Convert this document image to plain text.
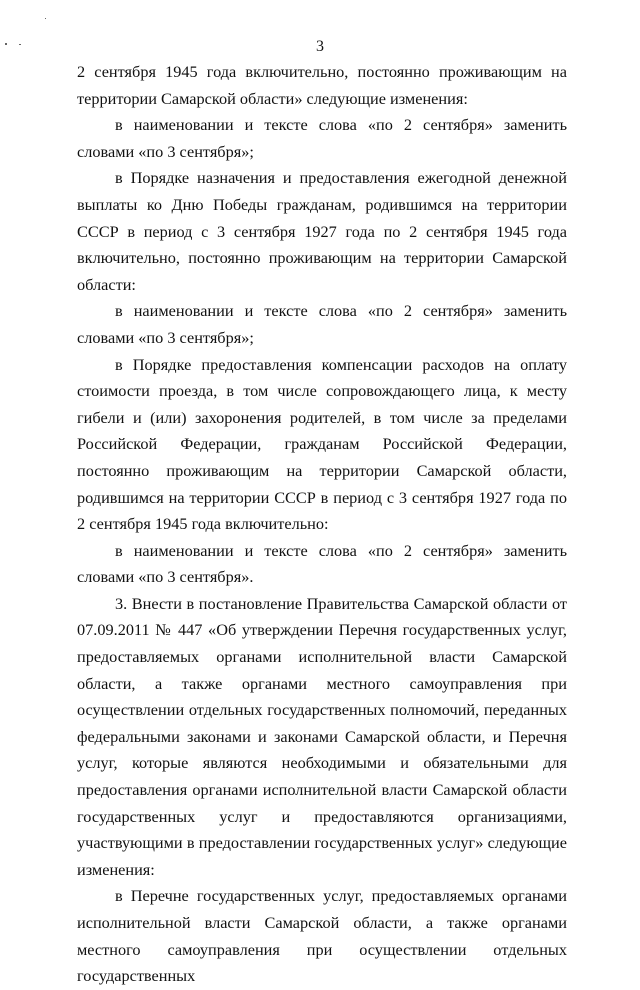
3

2 сентября 1945 года включительно, постоянно проживающим на территории Самарской области» следующие изменения:

в наименовании и тексте слова «по 2 сентября» заменить словами «по 3 сентября»;

в Порядке назначения и предоставления ежегодной денежной выплаты ко Дню Победы гражданам, родившимся на территории СССР в период с 3 сентября 1927 года по 2 сентября 1945 года включительно, постоянно проживающим на территории Самарской области:

в наименовании и тексте слова «по 2 сентября» заменить словами «по 3 сентября»;

в Порядке предоставления компенсации расходов на оплату стоимости проезда, в том числе сопровождающего лица, к месту гибели и (или) захоронения родителей, в том числе за пределами Российской Федерации, гражданам Российской Федерации, постоянно проживающим на территории Самарской области, родившимся на территории СССР в период с 3 сентября 1927 года по 2 сентября 1945 года включительно:

в наименовании и тексте слова «по 2 сентября» заменить словами «по 3 сентября».

3. Внести в постановление Правительства Самарской области от 07.09.2011 № 447 «Об утверждении Перечня государственных услуг, предоставляемых органами исполнительной власти Самарской области, а также органами местного самоуправления при осуществлении отдельных государственных полномочий, переданных федеральными законами и законами Самарской области, и Перечня услуг, которые являются необходимыми и обязательными для предоставления органами исполнительной власти Самарской области государственных услуг и предоставляются организациями, участвующими в предоставлении государственных услуг» следующие изменения:

в Перечне государственных услуг, предоставляемых органами исполнительной власти Самарской области, а также органами местного самоуправления при осуществлении отдельных государственных
